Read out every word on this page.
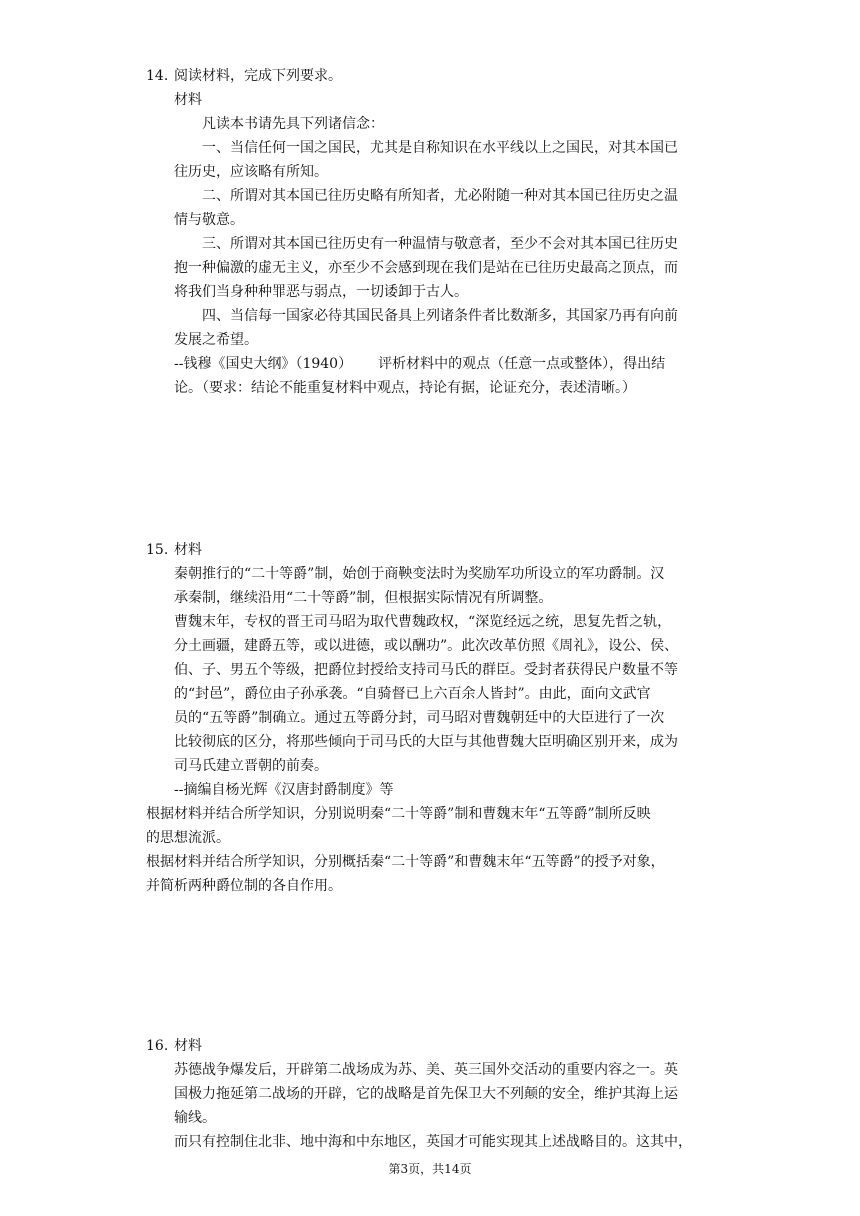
14. 阅读材料，完成下列要求。
材料
凡读本书请先具下列诸信念：
一、当信任何一国之国民，尤其是自称知识在水平线以上之国民，对其本国已
往历史，应该略有所知。
二、所谓对其本国已往历史略有所知者，尤必附随一种对其本国已往历史之温
情与敬意。
三、所谓对其本国已往历史有一种温情与敬意者，至少不会对其本国已往历史
抱一种偏激的虚无主义，亦至少不会感到现在我们是站在已往历史最高之顶点，而
将我们当身种种罪恶与弱点，一切诿卸于古人。
四、当信每一国家必待其国民备具上列诸条件者比数渐多，其国家乃再有向前
发展之希望。
--钱穆《国史大纲》（1940） 评析材料中的观点（任意一点或整体），得出结
论。（要求：结论不能重复材料中观点，持论有据，论证充分，表述清晰。）
15. 材料
秦朝推行的“二十等爵”制，始创于商鞅变法时为奖励军功所设立的军功爵制。汉
承秦制，继续沿用“二十等爵”制，但根据实际情况有所调整。
曹魏末年，专权的晋王司马昭为取代曹魏政权，“深览经远之统，思复先哲之轨，
分土画疆，建爵五等，或以进德，或以酬功”。此次改革仿照《周礼》，设公、侯、
伯、子、男五个等级，把爵位封授给支持司马氏的群臣。受封者获得民户数量不等
的“封邑”，爵位由子孙承袭。“自骑督已上六百余人皆封”。由此，面向文武官
员的“五等爵”制确立。通过五等爵分封，司马昭对曹魏朝廷中的大臣进行了一次
比较彻底的区分，将那些倾向于司马氏的大臣与其他曹魏大臣明确区别开来，成为
司马氏建立晋朝的前奏。
--摘编自杨光辉《汉唐封爵制度》等
根据材料并结合所学知识，分别说明秦“二十等爵”制和曹魏末年“五等爵”制所反映
的思想流派。
根据材料并结合所学知识，分别概括秦“二十等爵”和曹魏末年“五等爵”的授予对象，
并简析两种爵位制的各自作用。
16. 材料
苏德战争爆发后，开辟第二战场成为苏、美、英三国外交活动的重要内容之一。英
国极力拖延第二战场的开辟，它的战略是首先保卫大不列颠的安全，维护其海上运
输线。
而只有控制住北非、地中海和中东地区，英国才可能实现其上述战略目的。这其中，
第3页，共14页
